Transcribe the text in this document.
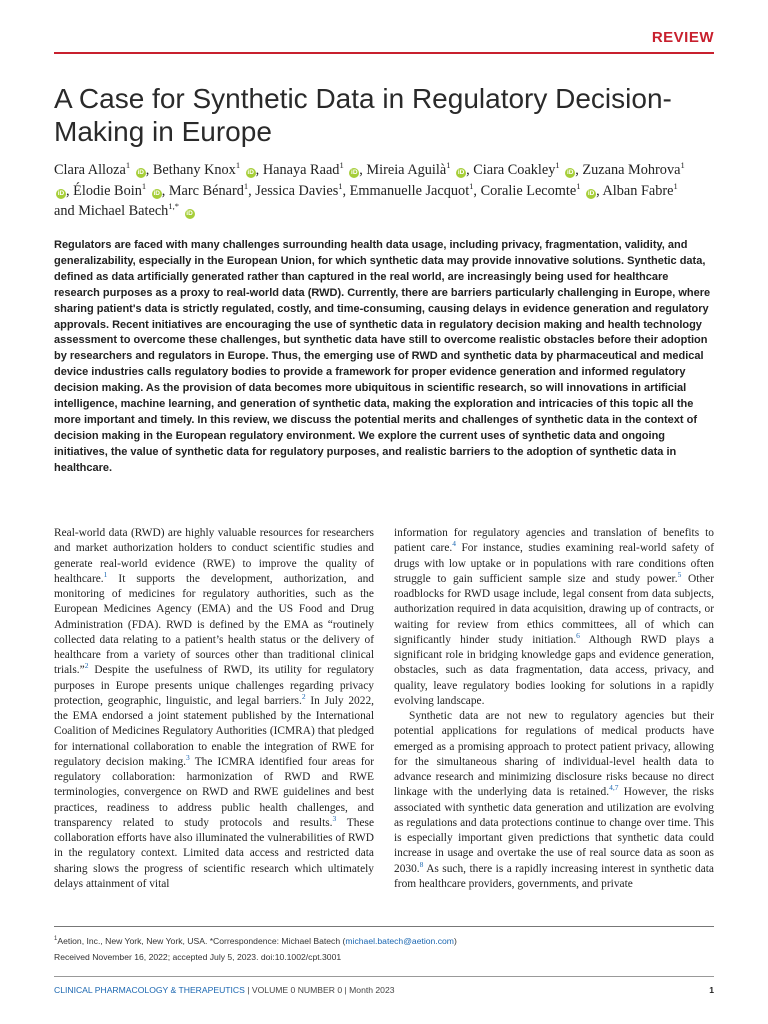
REVIEW
A Case for Synthetic Data in Regulatory Decision-Making in Europe
Clara Alloza$^1$ iD , Bethany Knox$^1$ iD , Hanaya Raad$^1$ iD , Mireia Aguilà$^1$ iD , Ciara Coakley$^1$ iD , Zuzana Mohrova$^1$ iD , Élodie Boin$^1$ iD , Marc Bénard$^1$, Jessica Davies$^1$, Emmanuelle Jacquot$^1$, Coralie Lecomte$^1$ iD , Alban Fabre$^1$ and Michael Batech$^{1,*}$ iD

Regulators are faced with many challenges surrounding health data usage, including privacy, fragmentation, validity, and generalizability, especially in the European Union, for which synthetic data may provide innovative solutions. Synthetic data, defined as data artificially generated rather than captured in the real world, are increasingly being used for healthcare research purposes as a proxy to real-world data (RWD). Currently, there are barriers particularly challenging in Europe, where sharing patient's data is strictly regulated, costly, and time-consuming, causing delays in evidence generation and regulatory approvals. Recent initiatives are encouraging the use of synthetic data in regulatory decision making and health technology assessment to overcome these challenges, but synthetic data have still to overcome realistic obstacles before their adoption by researchers and regulators in Europe. Thus, the emerging use of RWD and synthetic data by pharmaceutical and medical device industries calls regulatory bodies to provide a framework for proper evidence generation and informed regulatory decision making. As the provision of data becomes more ubiquitous in scientific research, so will innovations in artificial intelligence, machine learning, and generation of synthetic data, making the exploration and intricacies of this topic all the more important and timely. In this review, we discuss the potential merits and challenges of synthetic data in the context of decision making in the European regulatory environment. We explore the current uses of synthetic data and ongoing initiatives, the value of synthetic data for regulatory purposes, and realistic barriers to the adoption of synthetic data in healthcare.

Real-world data (RWD) are highly valuable resources for researchers and market authorization holders to conduct scientific studies and generate real-world evidence (RWE) to improve the quality of healthcare.$^1$ It supports the development, authorization, and monitoring of medicines for regulatory authorities, such as the European Medicines Agency (EMA) and the US Food and Drug Administration (FDA). RWD is defined by the EMA as “routinely collected data relating to a patient’s health status or the delivery of healthcare from a variety of sources other than traditional clinical trials.”$^2$ Despite the usefulness of RWD, its utility for regulatory purposes in Europe presents unique challenges regarding privacy protection, geographic, linguistic, and legal barriers.$^2$ In July 2022, the EMA endorsed a joint statement published by the International Coalition of Medicines Regulatory Authorities (ICMRA) that pledged for international collaboration to enable the integration of RWE for regulatory decision making.$^3$ The ICMRA identified four areas for regulatory collaboration: harmonization of RWD and RWE terminologies, convergence on RWD and RWE guidelines and best practices, readiness to address public health challenges, and transparency related to study protocols and results.$^3$ These collaboration efforts have also illuminated the vulnerabilities of RWD in the regulatory context. Limited data access and restricted data sharing slows the progress of scientific research which ultimately delays attainment of vital

information for regulatory agencies and translation of benefits to patient care.$^4$ For instance, studies examining real-world safety of drugs with low uptake or in populations with rare conditions often struggle to gain sufficient sample size and study power.$^5$ Other roadblocks for RWD usage include, legal consent from data subjects, authorization required in data acquisition, drawing up of contracts, or waiting for review from ethics committees, all of which can significantly hinder study initiation.$^6$ Although RWD plays a significant role in bridging knowledge gaps and evidence generation, obstacles, such as data fragmentation, data access, privacy, and quality, leave regulatory bodies looking for solutions in a rapidly evolving landscape.

Synthetic data are not new to regulatory agencies but their potential applications for regulations of medical products have emerged as a promising approach to protect patient privacy, allowing for the simultaneous sharing of individual-level health data to advance research and minimizing disclosure risks because no direct linkage with the underlying data is retained.$^{4,7}$ However, the risks associated with synthetic data generation and utilization are evolving as regulations and data protections continue to change over time. This is especially important given predictions that synthetic data could increase in usage and overtake the use of real source data as soon as 2030.$^8$ As such, there is a rapidly increasing interest in synthetic data from healthcare providers, governments, and private

$^1$Aetion, Inc., New York, New York, USA. *Correspondence: Michael Batech (michael.batech@aetion.com)
Received November 16, 2022; accepted July 5, 2023. doi:10.1002/cpt.3001
CLINICAL PHARMACOLOGY & THERAPEUTICS | VOLUME 0 NUMBER 0 | Month 2023	1
